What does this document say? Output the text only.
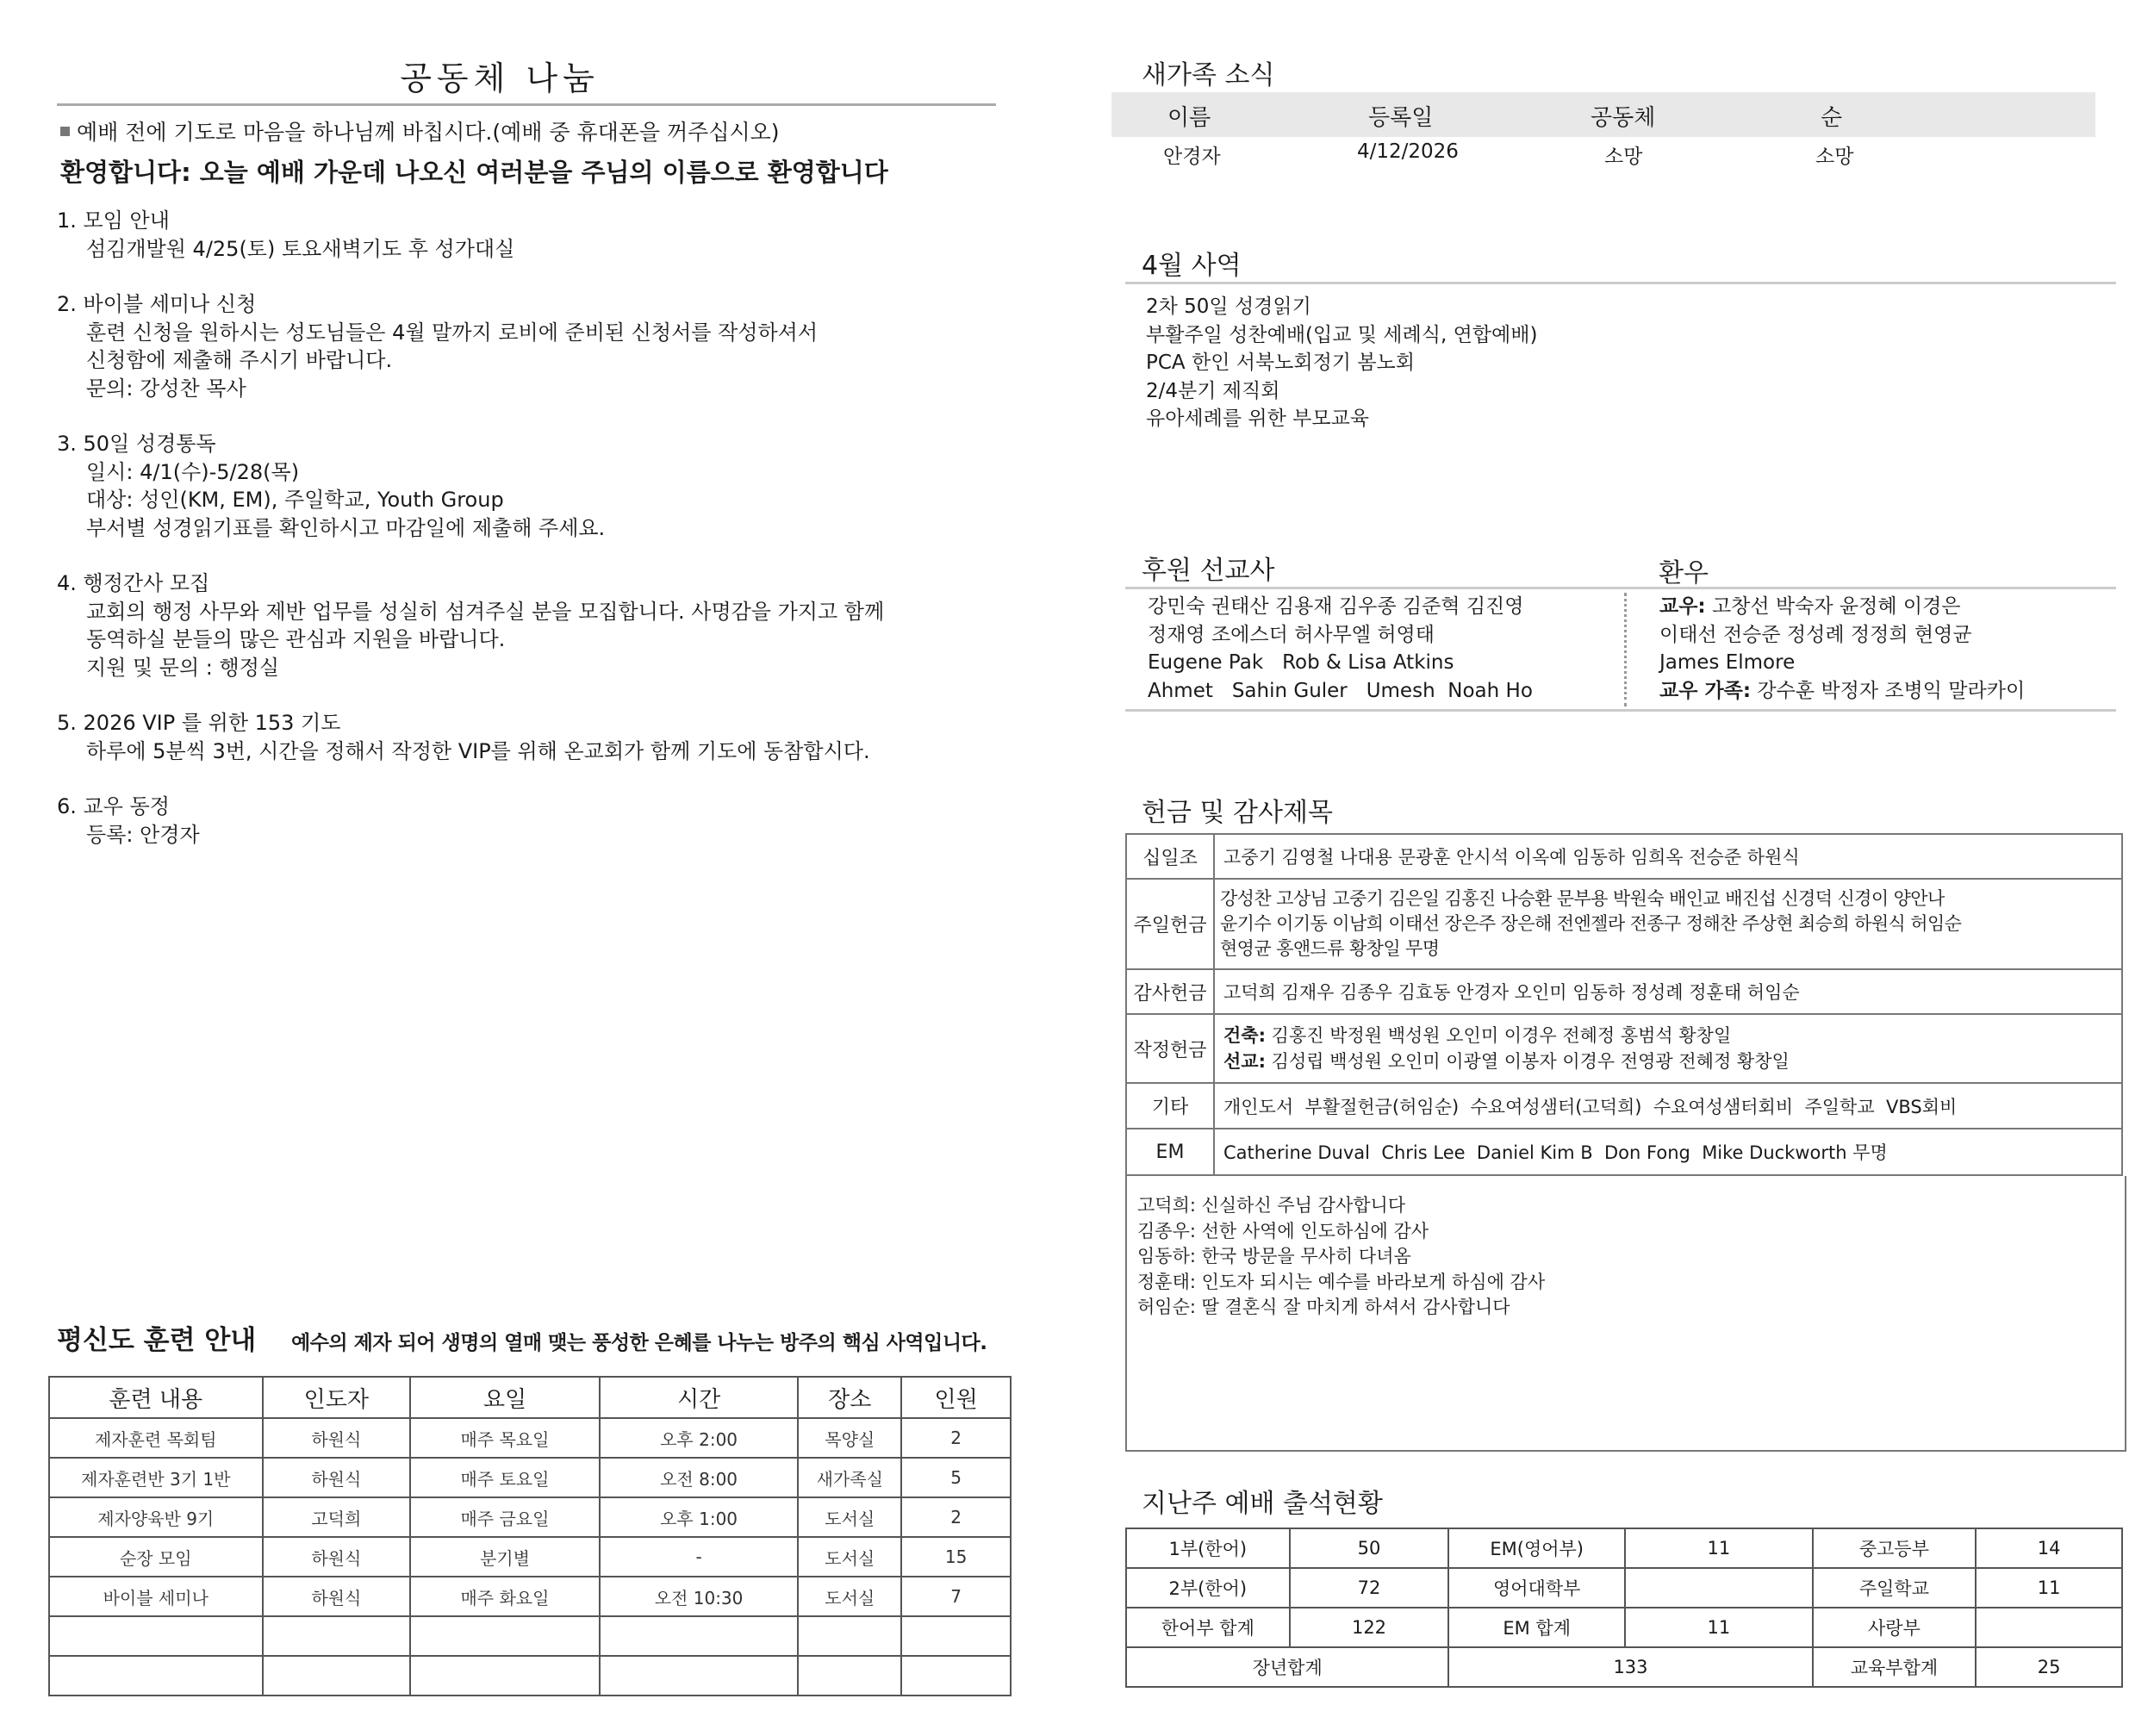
공동체 나눔
예배 전에 기도로 마음을 하나님께 바칩시다.(예배 중 휴대폰을 꺼주십시오)
환영합니다: 오늘 예배 가운데 나오신 여러분을 주님의 이름으로 환영합니다
1. 모임 안내
섬김개발원 4/25(토) 토요새벽기도 후 성가대실
2. 바이블 세미나 신청
훈련 신청을 원하시는 성도님들은 4월 말까지 로비에 준비된 신청서를 작성하셔서
신청함에 제출해 주시기 바랍니다.
문의: 강성찬 목사
3. 50일 성경통독
일시: 4/1(수)-5/28(목)
대상: 성인(KM, EM), 주일학교, Youth Group
부서별 성경읽기표를 확인하시고 마감일에 제출해 주세요.
4. 행정간사 모집
교회의 행정 사무와 제반 업무를 성실히 섬겨주실 분을 모집합니다. 사명감을 가지고 함께
동역하실 분들의 많은 관심과 지원을 바랍니다.
지원 및 문의 : 행정실
5. 2026 VIP 를 위한 153 기도
하루에 5분씩 3번, 시간을 정해서 작정한 VIP를 위해 온교회가 함께 기도에 동참합시다.
6. 교우 동정
등록: 안경자
평신도 훈련 안내 예수의 제자 되어 생명의 열매 맺는 풍성한 은혜를 나누는 방주의 핵심 사역입니다.
훈련 내용	인도자	요일	시간	장소	인원
제자훈련 목회팀	하원식	매주 목요일	오후 2:00	목양실	2
제자훈련반 3기 1반	하원식	매주 토요일	오전 8:00	새가족실	5
제자양육반 9기	고덕희	매주 금요일	오후 1:00	도서실	2
순장 모임	하원식	분기별	-	도서실	15
바이블 세미나	하원식	매주 화요일	오전 10:30	도서실	7

새가족 소식
이름	등록일	공동체	순
안경자	4/12/2026	소망	소망
4월 사역
2차 50일 성경읽기
부활주일 성찬예배(입교 및 세례식, 연합예배)
PCA 한인 서북노회정기 봄노회
2/4분기 제직회
유아세례를 위한 부모교육
후원 선교사	환우
강민숙 권태산 김용재 김우종 김준혁 김진영
정재영 조에스더 허사무엘 허영태
Eugene Pak   Rob & Lisa Atkins
Ahmet   Sahin Guler   Umesh  Noah Ho
교우: 고창선 박숙자 윤정혜 이경은
이태선 전승준 정성례 정정희 현영균
James Elmore
교우 가족: 강수훈 박정자 조병익 말라카이
헌금 및 감사제목
십일조	고중기 김영철 나대용 문광훈 안시석 이옥예 임동하 임희옥 전승준 하원식
주일헌금	강성찬 고상님 고중기 김은일 김홍진 나승환 문부용 박원숙 배인교 배진섭 신경덕 신경이 양안나
윤기수 이기동 이남희 이태선 장은주 장은해 전엔젤라 전종구 정해찬 주상현 최승희 하원식 허임순
현영균 홍앤드류 황창일 무명

감사헌금	고덕희 김재우 김종우 김효동 안경자 오인미 임동하 정성례 정훈태 허임순
작정헌금	건축: 김홍진 박정원 백성원 오인미 이경우 전혜정 홍범석 황창일
선교: 김성립 백성원 오인미 이광열 이봉자 이경우 전영광 전혜정 황창일

기타	개인도서  부활절헌금(허임순)  수요여성샘터(고덕희)  수요여성샘터회비  주일학교  VBS회비
EM	Catherine Duval  Chris Lee  Daniel Kim B  Don Fong  Mike Duckworth 무명
고덕희: 신실하신 주님 감사합니다
김종우: 선한 사역에 인도하심에 감사
임동하: 한국 방문을 무사히 다녀옴
정훈태: 인도자 되시는 예수를 바라보게 하심에 감사
허임순: 딸 결혼식 잘 마치게 하셔서 감사합니다
지난주 예배 출석현황
1부(한어)	50	EM(영어부)	11	중고등부	14
2부(한어)	72	영어대학부		주일학교	11
한어부 합계	122	EM 합계	11	사랑부	
장년합계		133		교육부합계	25
